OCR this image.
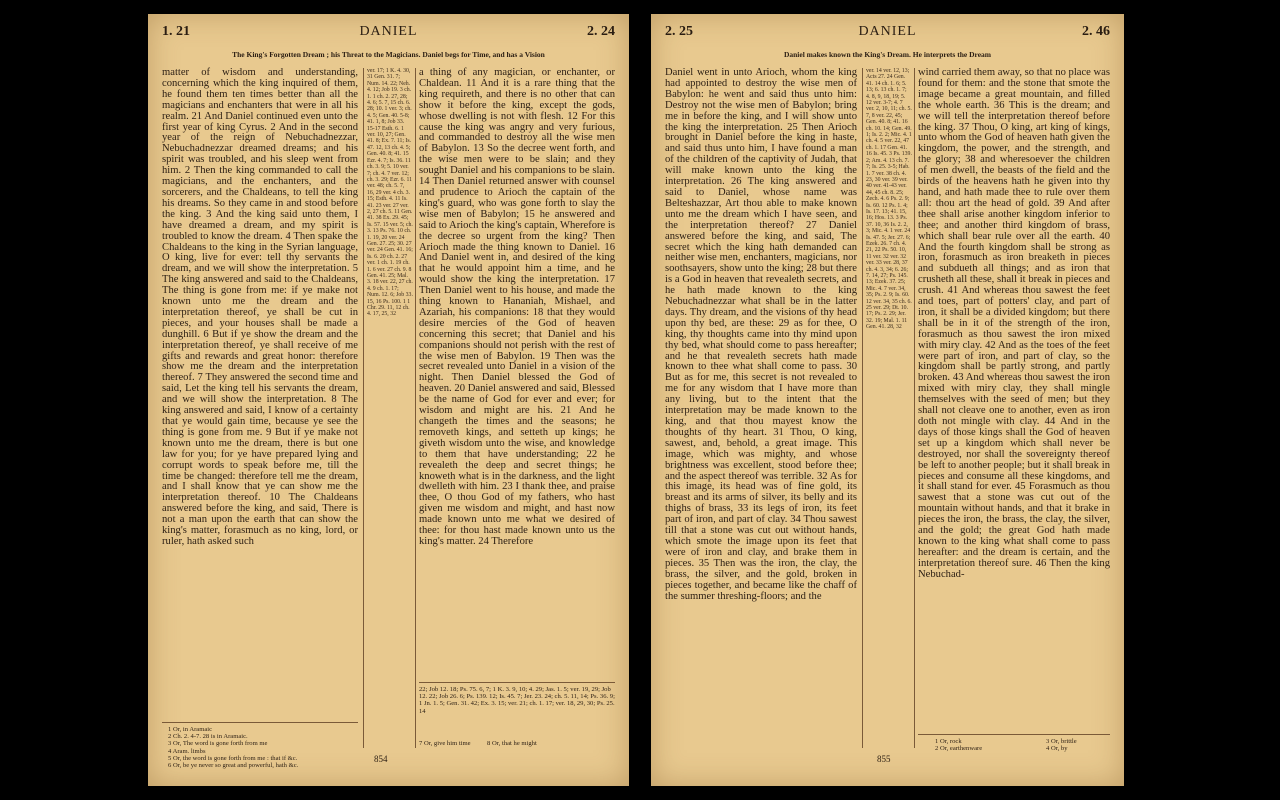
1. 21	DANIEL	2. 24
The King's Forgotten Dream ; his Threat to the Magicians. Daniel begs for Time, and has a Vision
matter of wisdom and understanding, concerning which the king inquired of them, he found them ten times better than all the magicians and enchanters that were in all his realm. 21 And Daniel continued even unto the first year of king Cyrus. 2 And in the second year of the reign of Nebuchadnezzar, Nebuchadnezzar dreamed dreams; and his spirit was troubled, and his sleep went from him. 2 Then the king commanded to call the magicians, and the enchanters, and the sorcerers, and the Chaldeans, to tell the king his dreams. So they came in and stood before the king. 3 And the king said unto them, I have dreamed a dream, and my spirit is troubled to know the dream. 4 Then spake the Chaldeans to the king in the Syrian language, O king, live for ever: tell thy servants the dream, and we will show the interpretation. 5 The king answered and said to the Chaldeans, The thing is gone from me: if ye make not known unto me the dream and the interpretation thereof, ye shall be cut in pieces, and your houses shall be made a dunghill. 6 But if ye show the dream and the interpretation thereof, ye shall receive of me gifts and rewards and great honor: therefore show me the dream and the interpretation thereof. 7 They answered the second time and said, Let the king tell his servants the dream, and we will show the interpretation. 8 The king answered and said, I know of a certainty that ye would gain time, because ye see the thing is gone from me. 9 But if ye make not known unto me the dream, there is but one law for you; for ye have prepared lying and corrupt words to speak before me, till the time be changed: therefore tell me the dream, and I shall know that ye can show me the interpretation thereof. 10 The Chaldeans answered before the king, and said, There is not a man upon the earth that can show the king's matter, forasmuch as no king, lord, or ruler, hath asked such
ver. 17; 1 K. 4. 30, 31 Gen. 31. 7; Num. 14. 22; Neh. 4. 12; Job 19. 3 ch. 1. 1 ch. 2. 27, 28; 4. 6; 5. 7, 15 ch. 6. 28; 10. 1 ver. 3; ch. 4. 5; Gen. 40. 5-8; 41. 1, 8; Job 33. 15-17 Esth. 6. 1 ver. 10, 27; Gen. 41. 8; Ex. 7. 11; Is. 47. 12, 13 ch. 4. 5; Gen. 40. 8; 41. 15 Ezr. 4. 7; Is. 36. 11 ch. 3. 9; 5. 10 ver. 7; ch. 4. 7 ver. 12; ch. 3. 29; Ezr. 6. 11 ver. 48; ch. 5. 7, 16, 29 ver. 4 ch. 3. 15; Esth. 4. 11 Is. 41. 23 ver. 27 ver. 2, 27 ch. 5. 11 Gen. 41. 38 Ex. 29. 45; Is. 57. 15 ver. 5; ch. 3. 13 Ps. 76. 10 ch. 1. 19, 20 ver. 24 Gen. 27. 25; 30. 27 ver. 24 Gen. 41. 16; Is. 6. 20 ch. 2. 27 ver. 1 ch. 1. 19 ch. 1. 6 ver. 27 ch. 9. 8 Gen. 41. 25; Mal. 3. 18 ver. 22, 27 ch. 4. 9 ch. 1. 17; Num. 12. 6; Job 33. 15, 16 Ps. 100. 1 1 Chr. 29. 11, 12 ch. 4. 17, 25, 32
a thing of any magician, or enchanter, or Chaldean. 11 And it is a rare thing that the king requireth, and there is no other that can show it before the king, except the gods, whose dwelling is not with flesh. 12 For this cause the king was angry and very furious, and commanded to destroy all the wise men of Babylon. 13 So the decree went forth, and the wise men were to be slain; and they sought Daniel and his companions to be slain. 14 Then Daniel returned answer with counsel and prudence to Arioch the captain of the king's guard, who was gone forth to slay the wise men of Babylon; 15 he answered and said to Arioch the king's captain, Wherefore is the decree so urgent from the king? Then Arioch made the thing known to Daniel. 16 And Daniel went in, and desired of the king that he would appoint him a time, and he would show the king the interpretation. 17 Then Daniel went to his house, and made the thing known to Hananiah, Mishael, and Azariah, his companions: 18 that they would desire mercies of the God of heaven concerning this secret; that Daniel and his companions should not perish with the rest of the wise men of Babylon. 19 Then was the secret revealed unto Daniel in a vision of the night. Then Daniel blessed the God of heaven. 20 Daniel answered and said, Blessed be the name of God for ever and ever; for wisdom and might are his. 21 And he changeth the times and the seasons; he removeth kings, and setteth up kings; he giveth wisdom unto the wise, and knowledge to them that have understanding; 22 he revealeth the deep and secret things; he knoweth what is in the darkness, and the light dwelleth with him. 23 I thank thee, and praise thee, O thou God of my fathers, who hast given me wisdom and might, and hast now made known unto me what we desired of thee: for thou hast made known unto us the king's matter. 24 Therefore
22; Job 12. 18; Ps. 75. 6, 7; 1 K. 3. 9, 10; 4. 29; Jas. 1. 5; ver. 19, 29; Job 12. 22; Job 26. 6; Ps. 139. 12; Is. 45. 7; Jer. 23. 24; ch. 5. 11, 14; Ps. 36. 9; 1 Jn. 1. 5; Gen. 31. 42; Ex. 3. 15; ver. 21; ch. 1. 17; ver. 18, 29, 30; Ps. 25. 14
1 Or, in Aramaic
2 Ch. 2. 4-7. 28 is in Aramaic.
3 Or, The word is gone forth from me
4 Aram. limbs
5 Or, the word is gone forth from me : that if &c.
6 Or, be ye never so great and powerful, hath &c.
7 Or, give him time 8 Or, that he might
854
2. 25	DANIEL	2. 46
Daniel makes known the King's Dream. He interprets the Dream
Daniel went in unto Arioch, whom the king had appointed to destroy the wise men of Babylon: he went and said thus unto him: Destroy not the wise men of Babylon; bring me in before the king, and I will show unto the king the interpretation. 25 Then Arioch brought in Daniel before the king in haste, and said thus unto him, I have found a man of the children of the captivity of Judah, that will make known unto the king the interpretation. 26 The king answered and said to Daniel, whose name was Belteshazzar, Art thou able to make known unto me the dream which I have seen, and the interpretation thereof? 27 Daniel answered before the king, and said, The secret which the king hath demanded can neither wise men, enchanters, magicians, nor soothsayers, show unto the king; 28 but there is a God in heaven that revealeth secrets, and he hath made known to the king Nebuchadnezzar what shall be in the latter days. Thy dream, and the visions of thy head upon thy bed, are these: 29 as for thee, O king, thy thoughts came into thy mind upon thy bed, what should come to pass hereafter; and he that revealeth secrets hath made known to thee what shall come to pass. 30 But as for me, this secret is not revealed to me for any wisdom that I have more than any living, but to the intent that the interpretation may be made known to the king, and that thou mayest know the thoughts of thy heart. 31 Thou, O king, sawest, and, behold, a great image. This image, which was mighty, and whose brightness was excellent, stood before thee; and the aspect thereof was terrible. 32 As for this image, its head was of fine gold, its breast and its arms of silver, its belly and its thighs of brass, 33 its legs of iron, its feet part of iron, and part of clay. 34 Thou sawest till that a stone was cut out without hands, which smote the image upon its feet that were of iron and clay, and brake them in pieces. 35 Then was the iron, the clay, the brass, the silver, and the gold, broken in pieces together, and became like the chaff of the summer threshing-floors; and the
ver. 14 ver. 12, 13; Acts 27. 24 Gen. 41. 14 ch. 1. 6; 5. 13; 6. 13 ch. 1. 7; 4. 8, 9, 18, 19; 5. 12 ver. 3-7; 4. 7 ver. 2, 10, 11; ch. 5. 7, 8 ver. 22, 45; Gen. 40. 8; 41. 16 ch. 10. 14; Gen. 49. 1; Is. 2. 2; Mic. 4. 1 ch. 4. 5 ver. 22, 47 ch. 1. 17 Gen. 41. 16 Is. 45. 3 Ps. 139. 2; Am. 4. 13 ch. 7. 7; Is. 25. 3-5; Hab. 1. 7 ver. 38 ch. 4. 23, 30 ver. 39 ver. 40 ver. 41-43 ver. 44, 45 ch. 8. 25; Zech. 4. 6 Ps. 2. 9; Is. 60. 12 Ps. 1. 4; Is. 17. 13; 41. 15, 16; Hos. 13. 3 Ps. 37. 10, 36 Is. 2. 2, 3; Mic. 4. 1 ver. 24 Is. 47. 5; Jer. 27. 6; Ezek. 26. 7 ch. 4. 21, 22 Ps. 50. 10, 11 ver. 32 ver. 32 ver. 33 ver. 28, 37 ch. 4. 3, 34; 6. 26; 7. 14, 27; Ps. 145. 13; Ezek. 37. 25; Mic. 4. 7 ver. 34, 35; Ps. 2. 9; Is. 60. 12 ver. 34, 35 ch. 6. 25 ver. 29; Dt. 10. 17; Ps. 2. 29; Jer. 32. 19; Mal. 1. 11 Gen. 41. 28, 32
wind carried them away, so that no place was found for them: and the stone that smote the image became a great mountain, and filled the whole earth. 36 This is the dream; and we will tell the interpretation thereof before the king. 37 Thou, O king, art king of kings, unto whom the God of heaven hath given the kingdom, the power, and the strength, and the glory; 38 and wheresoever the children of men dwell, the beasts of the field and the birds of the heavens hath he given into thy hand, and hath made thee to rule over them all: thou art the head of gold. 39 And after thee shall arise another kingdom inferior to thee; and another third kingdom of brass, which shall bear rule over all the earth. 40 And the fourth kingdom shall be strong as iron, forasmuch as iron breaketh in pieces and subdueth all things; and as iron that crusheth all these, shall it break in pieces and crush. 41 And whereas thou sawest the feet and toes, part of potters' clay, and part of iron, it shall be a divided kingdom; but there shall be in it of the strength of the iron, forasmuch as thou sawest the iron mixed with miry clay. 42 And as the toes of the feet were part of iron, and part of clay, so the kingdom shall be partly strong, and partly broken. 43 And whereas thou sawest the iron mixed with miry clay, they shall mingle themselves with the seed of men; but they shall not cleave one to another, even as iron doth not mingle with clay. 44 And in the days of those kings shall the God of heaven set up a kingdom which shall never be destroyed, nor shall the sovereignty thereof be left to another people; but it shall break in pieces and consume all these kingdoms, and it shall stand for ever. 45 Forasmuch as thou sawest that a stone was cut out of the mountain without hands, and that it brake in pieces the iron, the brass, the clay, the silver, and the gold; the great God hath made known to the king what shall come to pass hereafter: and the dream is certain, and the interpretation thereof sure. 46 Then the king Nebuchad-
1 Or, rock
2 Or, earthenware
3 Or, brittle
4 Or, by
855
